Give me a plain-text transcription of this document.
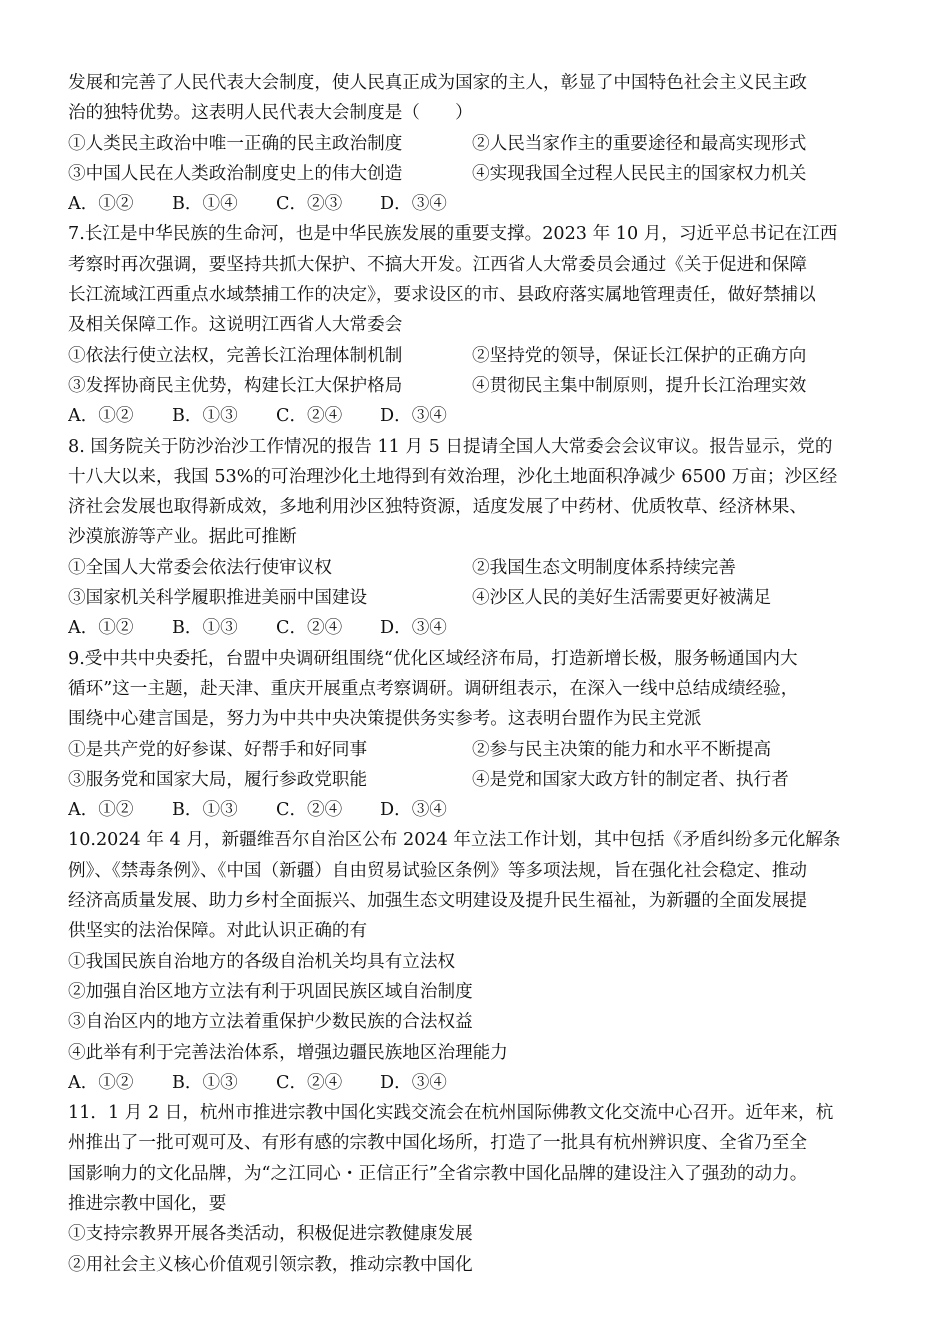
发展和完善了人民代表大会制度，使人民真正成为国家的主人，彰显了中国特色社会主义民主政
治的独特优势。这表明人民代表大会制度是（　　）
①人类民主政治中唯一正确的民主政治制度	②人民当家作主的重要途径和最高实现形式
③中国人民在人类政治制度史上的伟大创造	④实现我国全过程人民民主的国家权力机关
A．①②	B．①④	C．②③	D．③④
7.长江是中华民族的生命河，也是中华民族发展的重要支撑。2023 年 10 月，习近平总书记在江西
考察时再次强调，要坚持共抓大保护、不搞大开发。江西省人大常委员会通过《关于促进和保障
长江流域江西重点水域禁捕工作的决定》，要求设区的市、县政府落实属地管理责任，做好禁捕以
及相关保障工作。这说明江西省人大常委会
①依法行使立法权，完善长江治理体制机制	②坚持党的领导，保证长江保护的正确方向
③发挥协商民主优势，构建长江大保护格局	④贯彻民主集中制原则，提升长江治理实效
A．①②	B．①③	C．②④	D．③④
8. 国务院关于防沙治沙工作情况的报告 11 月 5 日提请全国人大常委会会议审议。报告显示，党的
十八大以来，我国 53%的可治理沙化土地得到有效治理，沙化土地面积净减少 6500 万亩；沙区经
济社会发展也取得新成效，多地利用沙区独特资源，适度发展了中药材、优质牧草、经济林果、
沙漠旅游等产业。据此可推断
①全国人大常委会依法行使审议权	②我国生态文明制度体系持续完善
③国家机关科学履职推进美丽中国建设	④沙区人民的美好生活需要更好被满足
A．①②	B．①③	C．②④	D．③④
9.受中共中央委托，台盟中央调研组围绕“优化区域经济布局，打造新增长极，服务畅通国内大
循环”这一主题，赴天津、重庆开展重点考察调研。调研组表示，在深入一线中总结成绩经验，
围绕中心建言国是，努力为中共中央决策提供务实参考。这表明台盟作为民主党派
①是共产党的好参谋、好帮手和好同事	②参与民主决策的能力和水平不断提高
③服务党和国家大局，履行参政党职能	④是党和国家大政方针的制定者、执行者
A．①②	B．①③	C．②④	D．③④
10.2024 年 4 月，新疆维吾尔自治区公布 2024 年立法工作计划，其中包括《矛盾纠纷多元化解条
例》、《禁毒条例》、《中国（新疆）自由贸易试验区条例》等多项法规，旨在强化社会稳定、推动
经济高质量发展、助力乡村全面振兴、加强生态文明建设及提升民生福祉，为新疆的全面发展提
供坚实的法治保障。对此认识正确的有
①我国民族自治地方的各级自治机关均具有立法权
②加强自治区地方立法有利于巩固民族区域自治制度
③自治区内的地方立法着重保护少数民族的合法权益
④此举有利于完善法治体系，增强边疆民族地区治理能力
A．①②	B．①③	C．②④	D．③④
11．1 月 2 日，杭州市推进宗教中国化实践交流会在杭州国际佛教文化交流中心召开。近年来，杭
州推出了一批可观可及、有形有感的宗教中国化场所，打造了一批具有杭州辨识度、全省乃至全
国影响力的文化品牌，为“之江同心・正信正行”全省宗教中国化品牌的建设注入了强劲的动力。
推进宗教中国化，要
①支持宗教界开展各类活动，积极促进宗教健康发展
②用社会主义核心价值观引领宗教，推动宗教中国化
